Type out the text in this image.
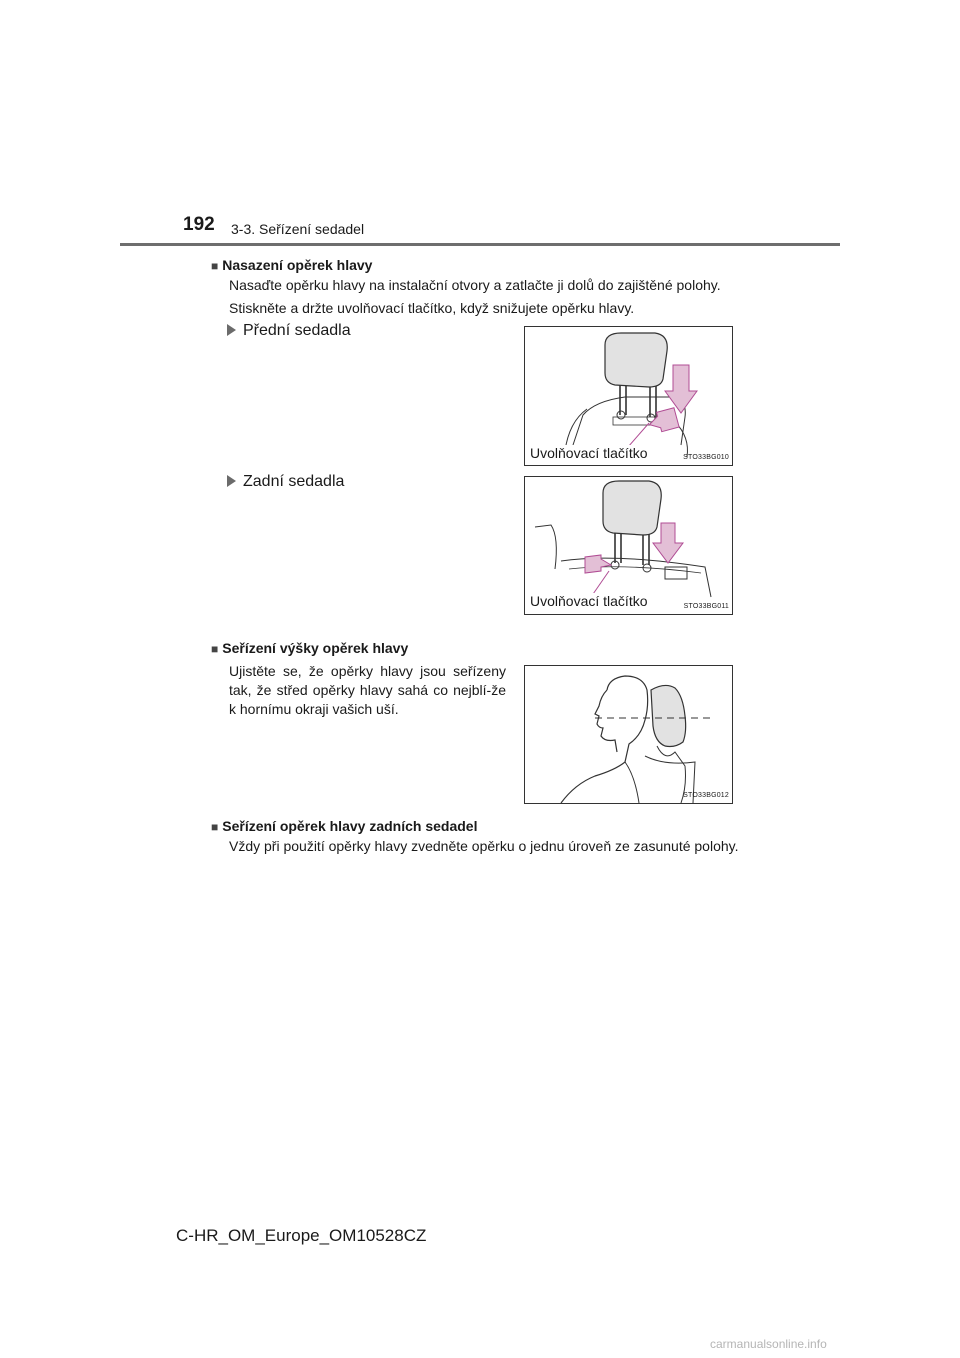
192 3-3. Seřízení sedadel
■ Nasazení opěrek hlavy
Nasaďte opěrku hlavy na instalační otvory a zatlačte ji dolů do zajištěné polohy.
Stiskněte a držte uvolňovací tlačítko, když snižujete opěrku hlavy.
Přední sedadla
Zadní sedadla
Uvolňovací tlačítko	STO33BG010
Uvolňovací tlačítko	STO33BG011
■ Seřízení výšky opěrek hlavy
Ujistěte se, že opěrky hlavy jsou seřízeny tak, že střed opěrky hlavy sahá co nejblí-že k hornímu okraji vašich uší.
STO33BG012
■ Seřízení opěrek hlavy zadních sedadel
Vždy při použití opěrky hlavy zvedněte opěrku o jednu úroveň ze zasunuté polohy.
C-HR_OM_Europe_OM10528CZ
carmanualsonline.info
